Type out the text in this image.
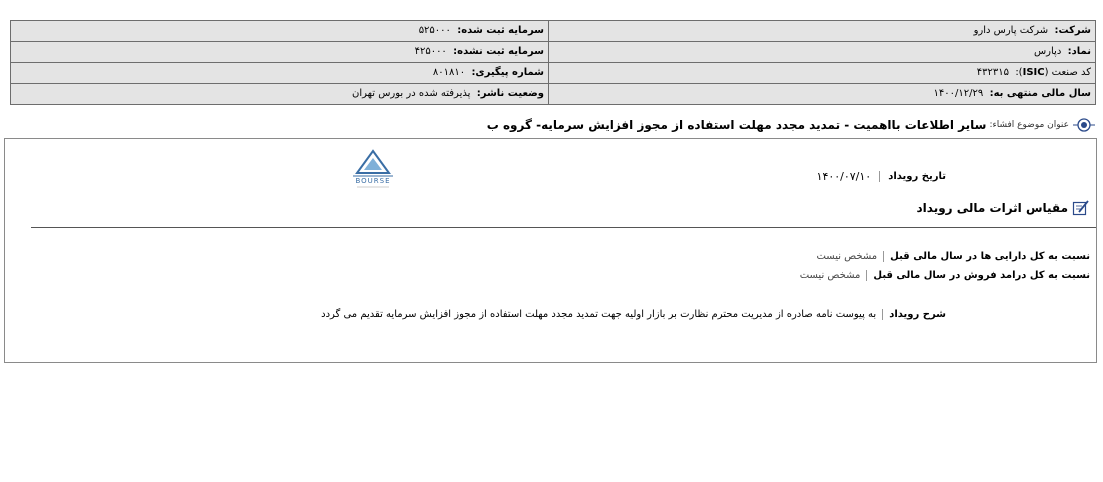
شرکت:  شرکت پارس دارو	سرمایه ثبت شده:  ۵۲۵۰۰۰
نماد:  دپارس	سرمایه ثبت نشده:  ۴۲۵۰۰۰
کد صنعت (ISIC):  ۴۳۲۳۱۵	شماره پیگیری:  ۸۰۱۸۱۰
سال مالی منتهی به:  ۱۴۰۰/۱۲/۲۹	وضعیت ناشر:  پذیرفته شده در بورس تهران
عنوان موضوع افشاء:
سایر اطلاعات بااهمیت - تمدید مجدد مهلت استفاده از مجوز افزایش سرمایه- گروه ب
BOURSE	تاریخ رویداد
۱۴۰۰/۰۷/۱۰
مقیاس اثرات مالی رویداد
نسبت به کل دارایی ها در سال مالی قبل
مشخص نیست
نسبت به کل درامد فروش در سال مالی قبل
مشخص نیست
شرح رویداد
به پیوست نامه صادره از مدیریت محترم نظارت بر بازار اولیه جهت تمدید مجدد مهلت استفاده از مجوز افزایش سرمایه تقدیم می گردد
